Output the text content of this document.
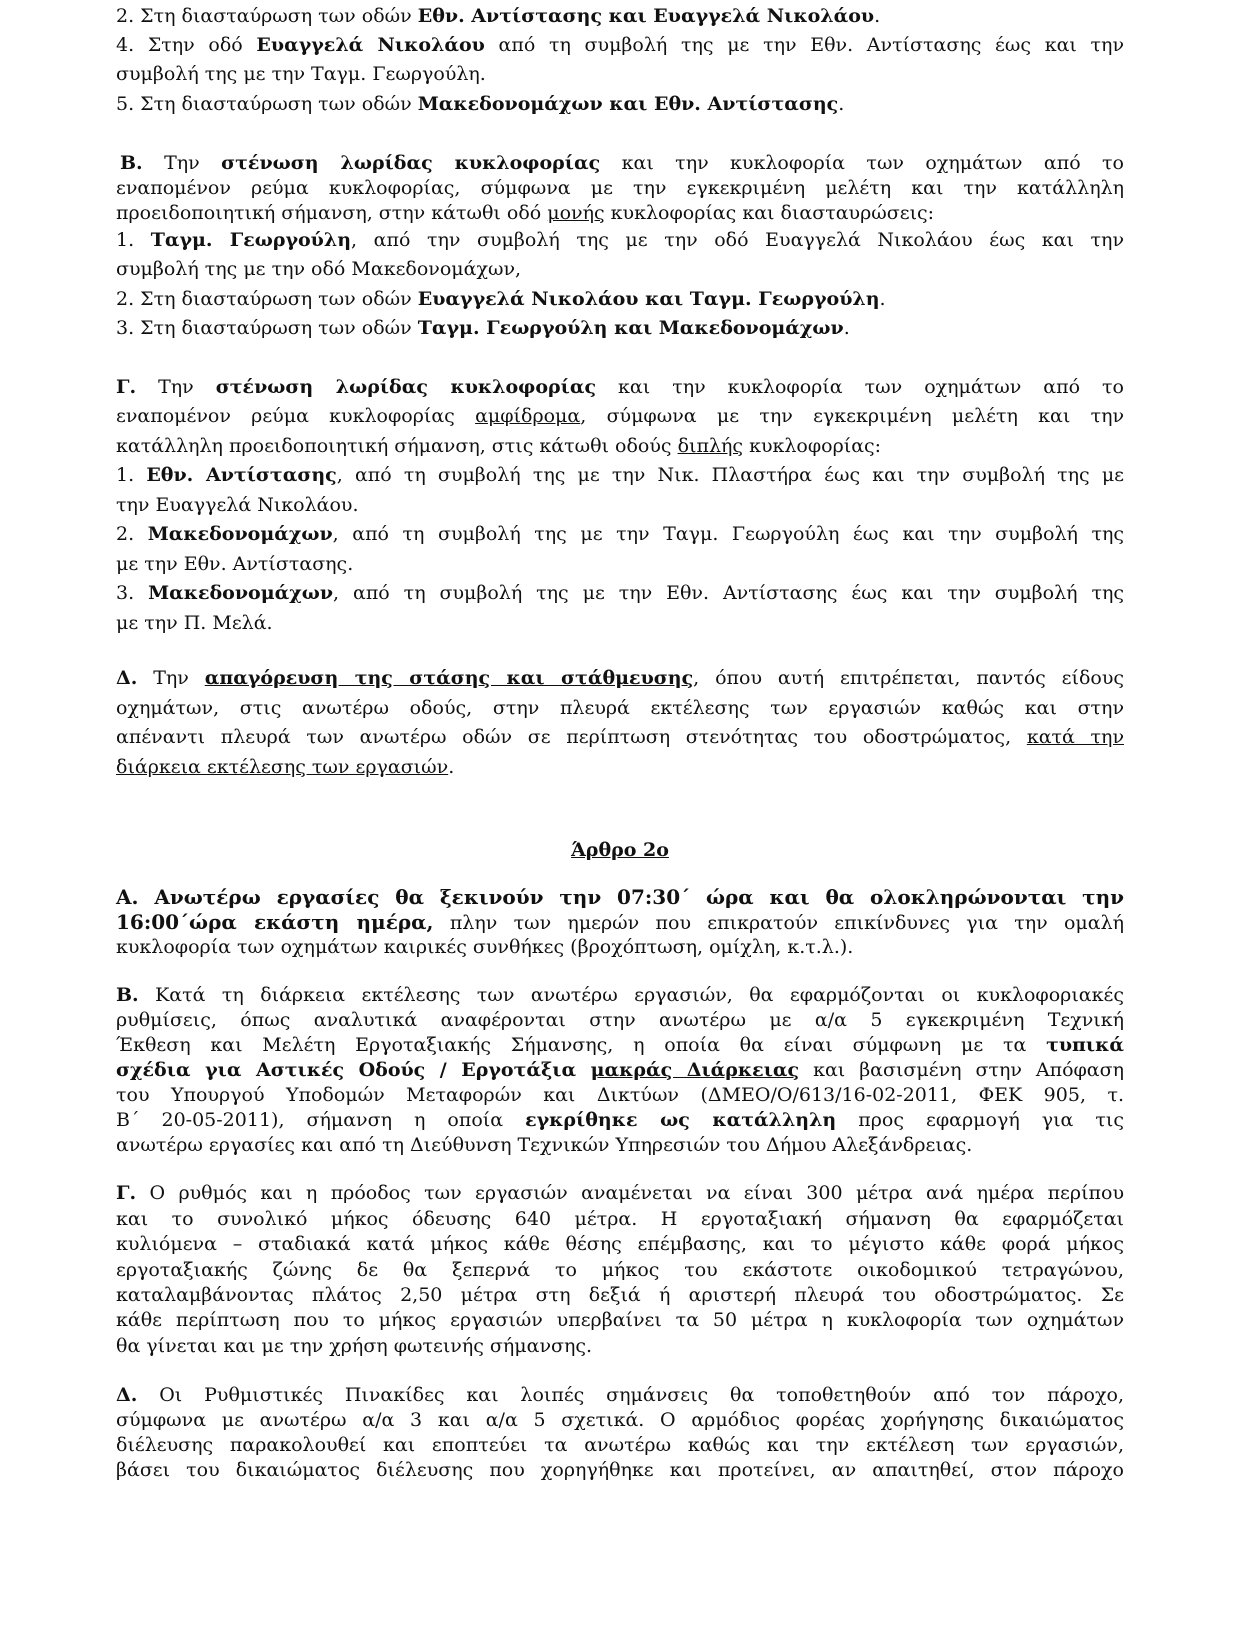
2. Στη διασταύρωση των οδών Εθν. Αντίστασης και Ευαγγελά Νικολάου.
4. Στην οδό Ευαγγελά Νικολάου από τη συμβολή της με την Εθν. Αντίστασης έως και την
συμβολή της με την Ταγμ. Γεωργούλη.
5. Στη διασταύρωση των οδών Μακεδονομάχων και Εθν. Αντίστασης.
Β. Την στένωση λωρίδας κυκλοφορίας και την κυκλοφορία των οχημάτων από το
εναπομένον ρεύμα κυκλοφορίας, σύμφωνα με την εγκεκριμένη μελέτη και την κατάλληλη
προειδοποιητική σήμανση, στην κάτωθι οδό μονής κυκλοφορίας και διασταυρώσεις:
1. Ταγμ. Γεωργούλη, από την συμβολή της με την οδό Ευαγγελά Νικολάου έως και την
συμβολή της με την οδό Μακεδονομάχων,
2. Στη διασταύρωση των οδών Ευαγγελά Νικολάου και Ταγμ. Γεωργούλη.
3. Στη διασταύρωση των οδών Ταγμ. Γεωργούλη και Μακεδονομάχων.
Γ. Την στένωση λωρίδας κυκλοφορίας και την κυκλοφορία των οχημάτων από το
εναπομένον ρεύμα κυκλοφορίας αμφίδρομα, σύμφωνα με την εγκεκριμένη μελέτη και την
κατάλληλη προειδοποιητική σήμανση, στις κάτωθι οδούς διπλής κυκλοφορίας:
1. Εθν. Αντίστασης, από τη συμβολή της με την Νικ. Πλαστήρα έως και την συμβολή της με
την Ευαγγελά Νικολάου.
2. Μακεδονομάχων, από τη συμβολή της με την Ταγμ. Γεωργούλη έως και την συμβολή της
με την Εθν. Αντίστασης.
3. Μακεδονομάχων, από τη συμβολή της με την Εθν. Αντίστασης έως και την συμβολή της
με την Π. Μελά.
Δ. Την απαγόρευση της στάσης και στάθμευσης, όπου αυτή επιτρέπεται, παντός είδους
οχημάτων, στις ανωτέρω οδούς, στην πλευρά εκτέλεσης των εργασιών καθώς και στην
απέναντι πλευρά των ανωτέρω οδών σε περίπτωση στενότητας του οδοστρώματος, κατά την
διάρκεια εκτέλεσης των εργασιών.
Άρθρο 2ο
Α. Ανωτέρω εργασίες θα ξεκινούν την 07:30΄ ώρα και θα ολοκληρώνονται την
16:00΄ώρα εκάστη ημέρα, πλην των ημερών που επικρατούν επικίνδυνες για την ομαλή
κυκλοφορία των οχημάτων καιρικές συνθήκες (βροχόπτωση, ομίχλη, κ.τ.λ.).
Β. Κατά τη διάρκεια εκτέλεσης των ανωτέρω εργασιών, θα εφαρμόζονται οι κυκλοφοριακές
ρυθμίσεις, όπως αναλυτικά αναφέρονται στην ανωτέρω με α/α 5 εγκεκριμένη Τεχνική
Έκθεση και Μελέτη Εργοταξιακής Σήμανσης, η οποία θα είναι σύμφωνη με τα τυπικά
σχέδια για Αστικές Οδούς / Εργοτάξια μακράς Διάρκειας και βασισμένη στην Απόφαση
του Υπουργού Υποδομών Μεταφορών και Δικτύων (ΔΜΕΟ/Ο/613/16-02-2011, ΦΕΚ 905, τ.
Β΄ 20-05-2011), σήμανση η οποία εγκρίθηκε ως κατάλληλη προς εφαρμογή για τις
ανωτέρω εργασίες και από τη Διεύθυνση Τεχνικών Υπηρεσιών του Δήμου Αλεξάνδρειας.
Γ. Ο ρυθμός και η πρόοδος των εργασιών αναμένεται να είναι 300 μέτρα ανά ημέρα περίπου
και το συνολικό μήκος όδευσης 640 μέτρα. Η εργοταξιακή σήμανση θα εφαρμόζεται
κυλιόμενα – σταδιακά κατά μήκος κάθε θέσης επέμβασης, και το μέγιστο κάθε φορά μήκος
εργοταξιακής ζώνης δε θα ξεπερνά το μήκος του εκάστοτε οικοδομικού τετραγώνου,
καταλαμβάνοντας πλάτος 2,50 μέτρα στη δεξιά ή αριστερή πλευρά του οδοστρώματος. Σε
κάθε περίπτωση που το μήκος εργασιών υπερβαίνει τα 50 μέτρα η κυκλοφορία των οχημάτων
θα γίνεται και με την χρήση φωτεινής σήμανσης.
Δ. Οι Ρυθμιστικές Πινακίδες και λοιπές σημάνσεις θα τοποθετηθούν από τον πάροχο,
σύμφωνα με ανωτέρω α/α 3 και α/α 5 σχετικά. Ο αρμόδιος φορέας χορήγησης δικαιώματος
διέλευσης παρακολουθεί και εποπτεύει τα ανωτέρω καθώς και την εκτέλεση των εργασιών,
βάσει του δικαιώματος διέλευσης που χορηγήθηκε και προτείνει, αν απαιτηθεί, στον πάροχο
